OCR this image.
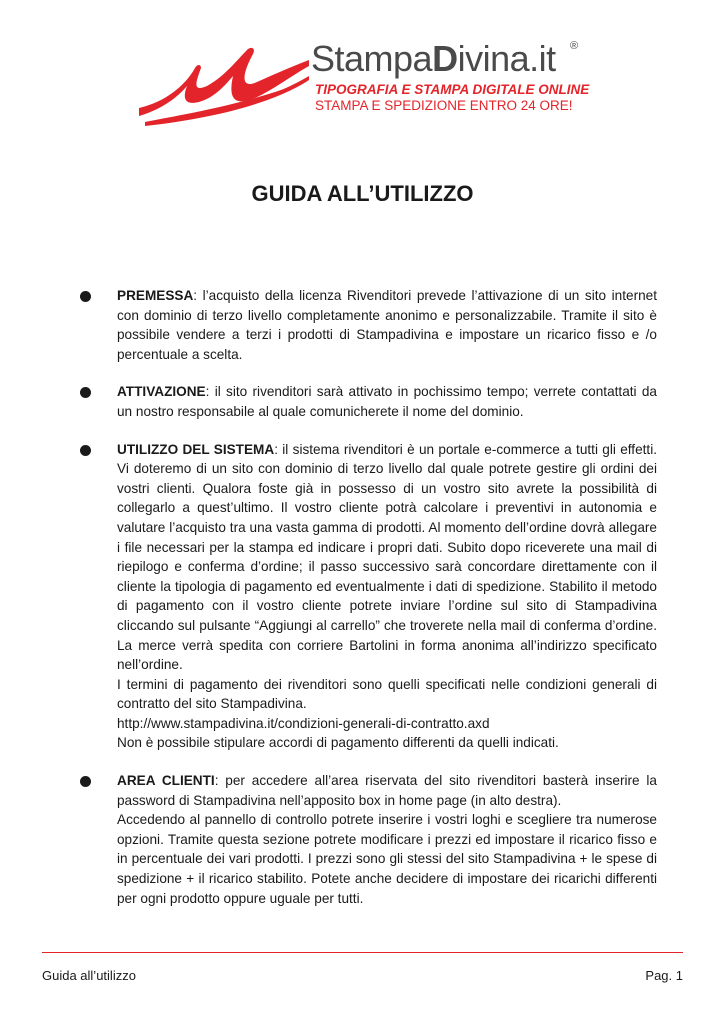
StampaDivina.it ®
TIPOGRAFIA E STAMPA DIGITALE ONLINE
STAMPA E SPEDIZIONE ENTRO 24 ORE!
GUIDA ALL’UTILIZZO

PREMESSA: l’acquisto della licenza Rivenditori prevede l’attivazione di un sito internet con dominio di terzo livello completamente anonimo e personalizzabile. Tramite il sito è possibile vendere a terzi i prodotti di Stampadivina e impostare un ricarico fisso e /o percentuale a scelta.

ATTIVAZIONE: il sito rivenditori sarà attivato in pochissimo tempo; verrete contattati da un nostro responsabile al quale comunicherete il nome del dominio.

UTILIZZO DEL SISTEMA: il sistema rivenditori è un portale e-commerce a tutti gli effetti. Vi doteremo di un sito con dominio di terzo livello dal quale potrete gestire gli ordini dei vostri clienti. Qualora foste già in possesso di un vostro sito avrete la possibilità di collegarlo a quest’ultimo. Il vostro cliente potrà calcolare i preventivi in autonomia e valutare l’acquisto tra una vasta gamma di prodotti. Al momento dell’ordine dovrà allegare i file necessari per la stampa ed indicare i propri dati. Subito dopo riceverete una mail di riepilogo e conferma d’ordine; il passo successivo sarà concordare direttamente con il cliente la tipologia di pagamento ed eventualmente i dati di spedizione. Stabilito il metodo di pagamento con il vostro cliente potrete inviare l’ordine sul sito di Stampadivina cliccando sul pulsante “Aggiungi al carrello” che troverete nella mail di conferma d’ordine. La merce verrà spedita con corriere Bartolini in forma anonima all’indirizzo specificato nell’ordine.

I termini di pagamento dei rivenditori sono quelli specificati nelle condizioni generali di contratto del sito Stampadivina.

http://www.stampadivina.it/condizioni-generali-di-contratto.axd

Non è possibile stipulare accordi di pagamento differenti da quelli indicati.

AREA CLIENTI: per accedere all’area riservata del sito rivenditori basterà inserire la password di Stampadivina nell’apposito box in home page (in alto destra).

Accedendo al pannello di controllo potrete inserire i vostri loghi e scegliere tra numerose opzioni. Tramite questa sezione potrete modificare i prezzi ed impostare il ricarico fisso e in percentuale dei vari prodotti. I prezzi sono gli stessi del sito Stampadivina + le spese di spedizione + il ricarico stabilito. Potete anche decidere di impostare dei ricarichi differenti per ogni prodotto oppure uguale per tutti.

Guida all’utilizzo	Pag. 1
